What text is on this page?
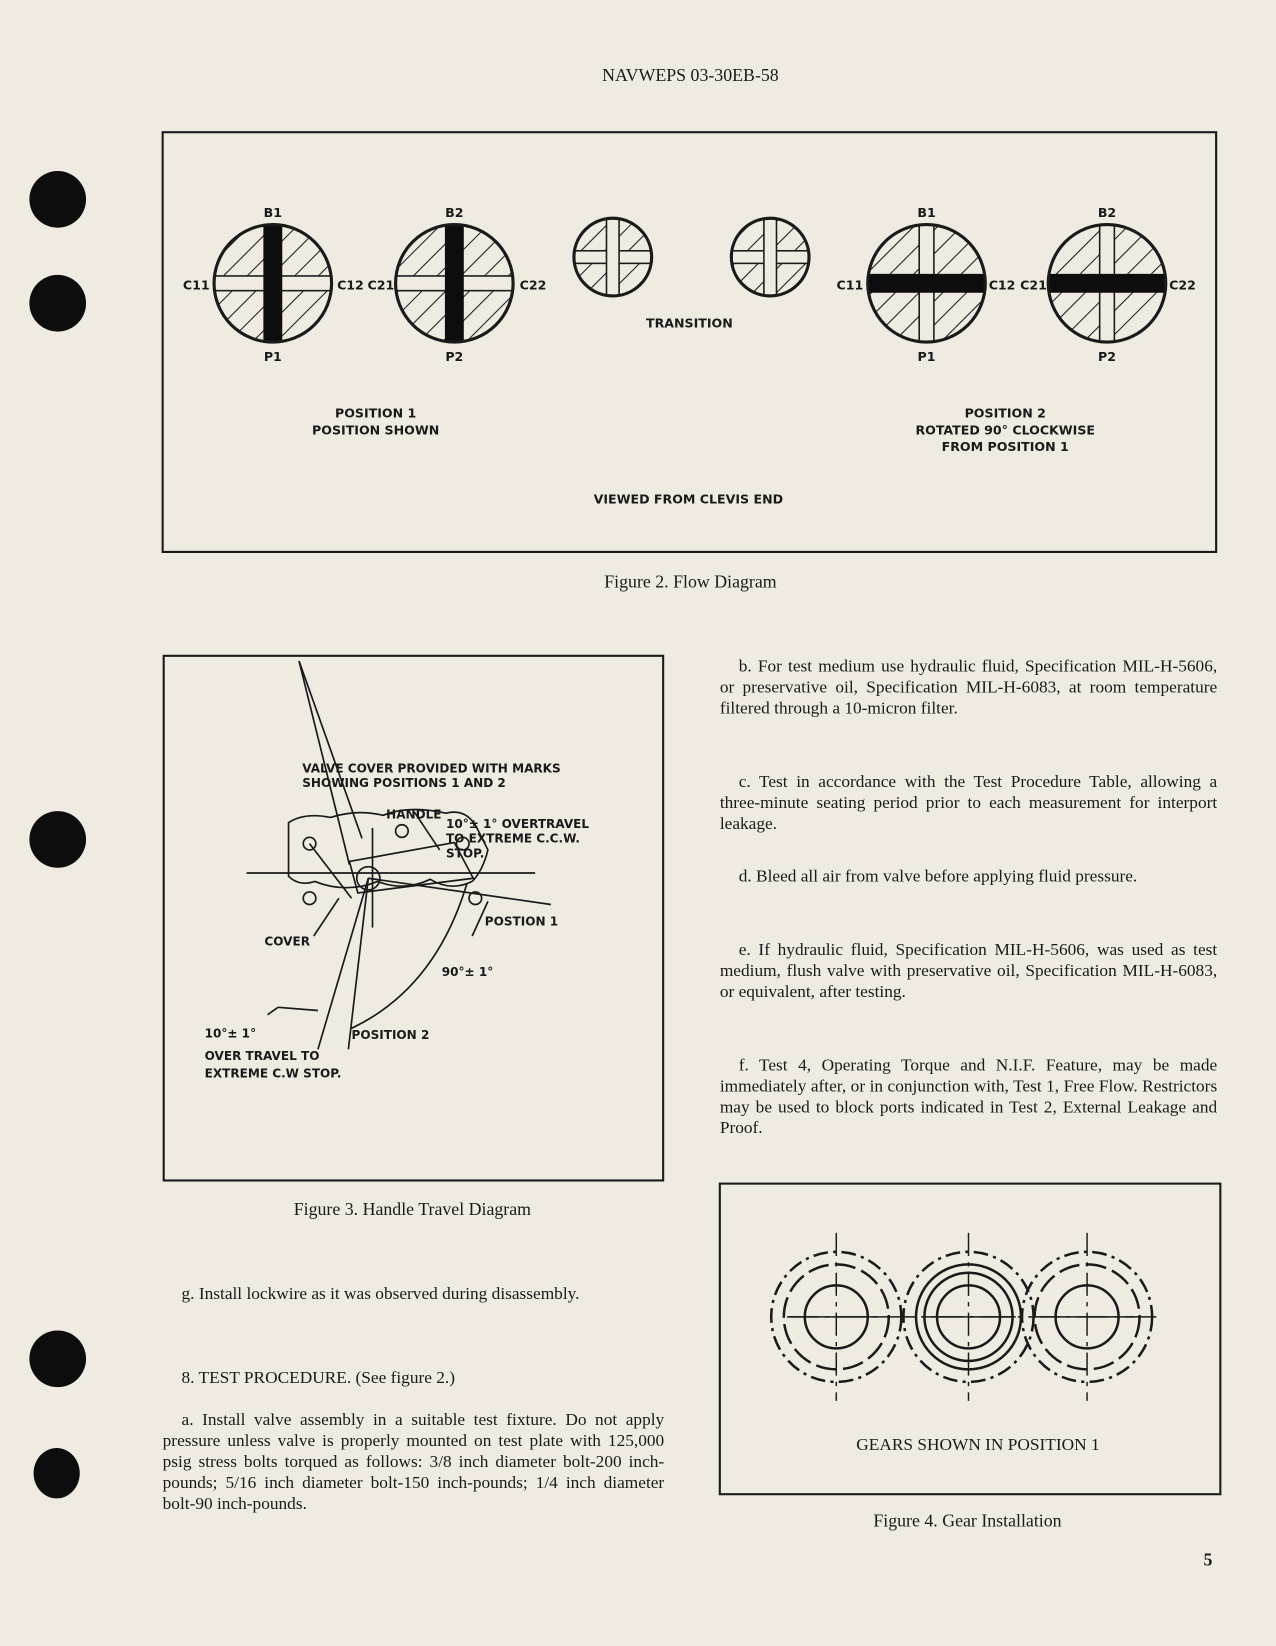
NAVWEPS 03-30EB-58
B1
C11	C12
P1
B2
C21	C22
P2
B1
C11	C12
P1
B2
C21	C22
P2
TRANSITION
POSITION 1
POSITION SHOWN
POSITION 2
ROTATED 90° CLOCKWISE
FROM POSITION 1
VIEWED FROM CLEVIS END
Figure 2. Flow Diagram
VALVE COVER PROVIDED WITH MARKS
SHOWING POSITIONS 1 AND 2
HANDLE
10°± 1° OVERTRAVEL
TO EXTREME C.C.W.
STOP.
POSTION 1
COVER
90°± 1°
10°± 1°	POSITION 2
OVER TRAVEL TO
EXTREME C.W STOP.
Figure 3. Handle Travel Diagram
g. Install lockwire as it was observed during disassembly.
8. TEST PROCEDURE. (See figure 2.)
a. Install valve assembly in a suitable test fixture. Do not apply pressure unless valve is properly mounted on test plate with 125,000 psig stress bolts torqued as follows: 3/8 inch diameter bolt-200 inch-pounds; 5/16 inch diameter bolt-150 inch-pounds; 1/4 inch diameter bolt-90 inch-pounds.
b. For test medium use hydraulic fluid, Specification MIL-H-5606, or preservative oil, Specification MIL-H-6083, at room temperature filtered through a 10-micron filter.
c. Test in accordance with the Test Procedure Table, allowing a three-minute seating period prior to each measurement for interport leakage.
d. Bleed all air from valve before applying fluid pressure.
e. If hydraulic fluid, Specification MIL-H-5606, was used as test medium, flush valve with preservative oil, Specification MIL-H-6083, or equivalent, after testing.
f. Test 4, Operating Torque and N.I.F. Feature, may be made immediately after, or in conjunction with, Test 1, Free Flow. Restrictors may be used to block ports indicated in Test 2, External Leakage and Proof.
GEARS SHOWN IN POSITION 1
Figure 4. Gear Installation
5
